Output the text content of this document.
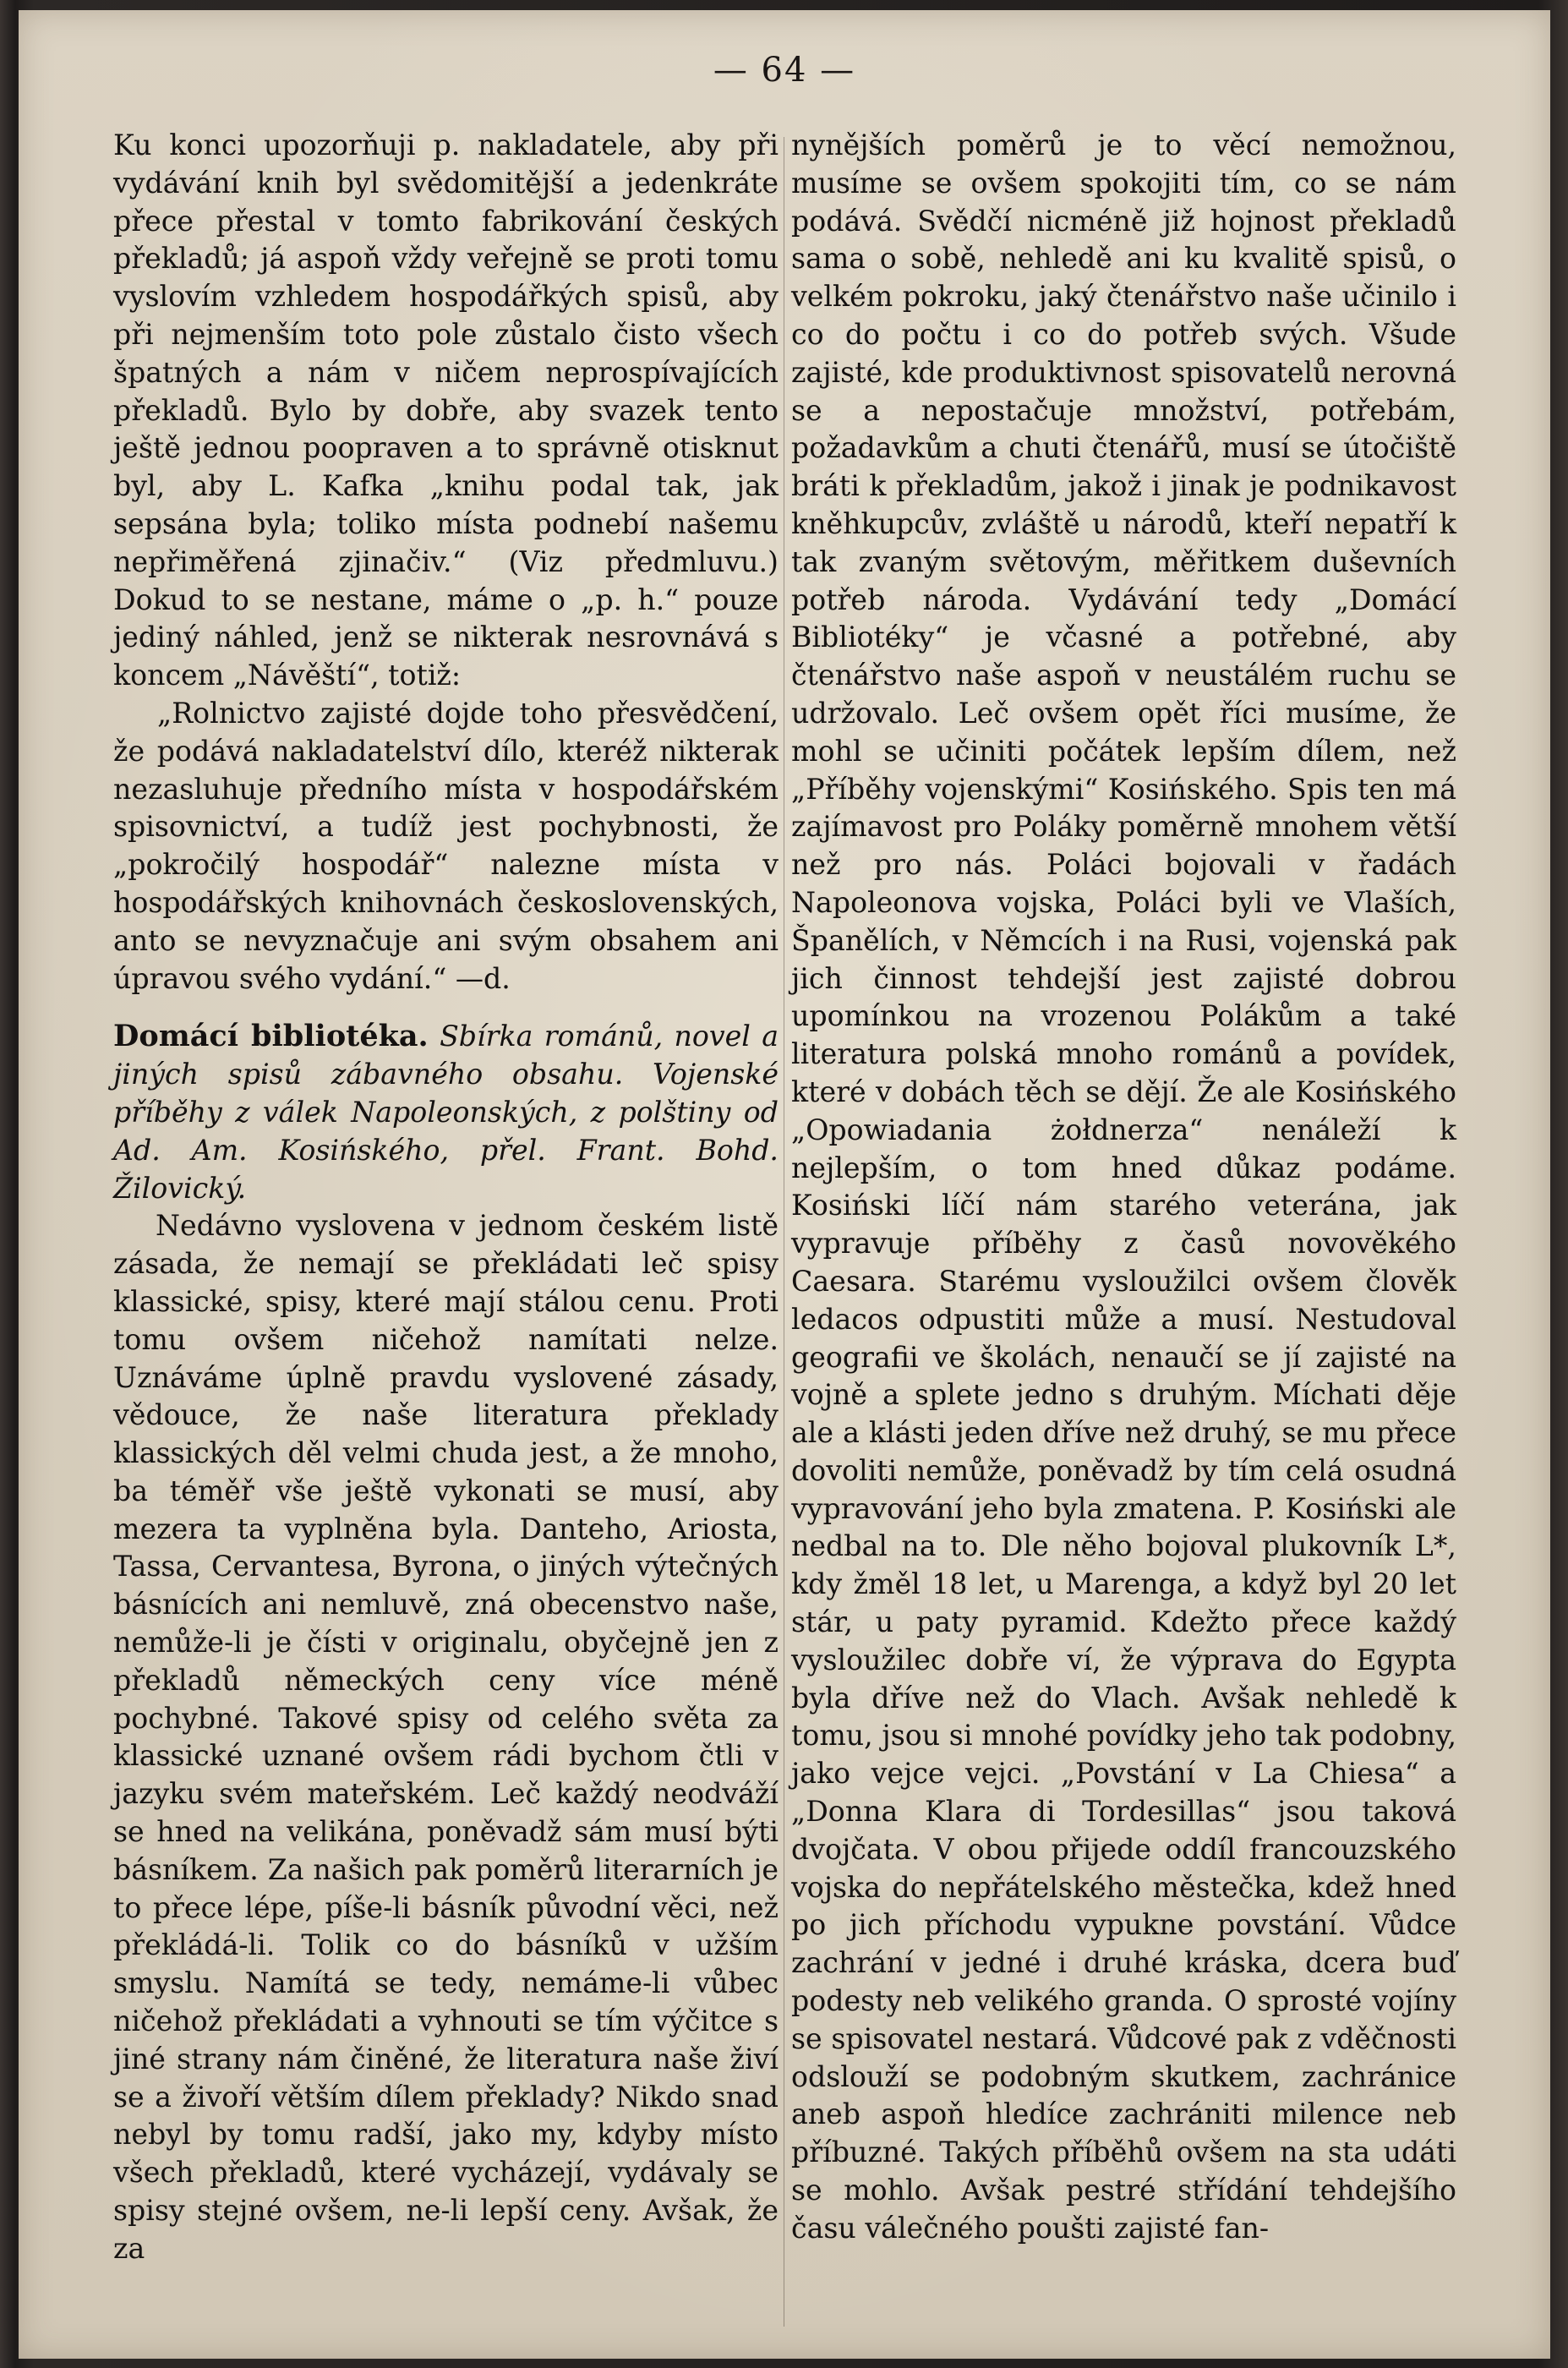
— 64 —

Ku konci upozorňuji p. nakladatele, aby při vydávání knih byl svědomitější a jedenkráte přece přestal v tomto fabrikování českých překladů; já aspoň vždy veřejně se proti tomu vyslovím vzhledem hospodářkých spisů, aby při nejmenším toto pole zůstalo čisto všech špatných a nám v ničem neprospívajících překladů. Bylo by dobře, aby svazek tento ještě jednou poopraven a to správně otisknut byl, aby L. Kafka „knihu podal tak, jak sepsána byla; toliko místa podnebí našemu nepřiměřená zjinačiv.“ (Viz předmluvu.) Dokud to se nestane, máme o „p. h.“ pouze jediný náhled, jenž se nikterak nesrovnává s koncem „Návěští“, totiž:

„Rolnictvo zajisté dojde toho přesvědčení, že podává nakladatelství dílo, kteréž nikterak nezasluhuje předního místa v hospodářském spisovnictví, a tudíž jest pochybnosti, že „pokročilý hospodář“ nalezne místa v hospodářských knihovnách československých, anto se nevyznačuje ani svým obsahem ani úpravou svého vydání.“ —d.

Domácí bibliotéka. Sbírka románů, novel a jiných spisů zábavného obsahu. Vojenské příběhy z válek Napoleonských, z polštiny od Ad. Am. Kosińského, přel. Frant. Bohd. Žilovický.

Nedávno vyslovena v jednom českém listě zásada, že nemají se překládati leč spisy klassické, spisy, které mají stálou cenu. Proti tomu ovšem ničehož namítati nelze. Uznáváme úplně pravdu vyslovené zásady, vědouce, že naše literatura překlady klassických děl velmi chuda jest, a že mnoho, ba téměř vše ještě vykonati se musí, aby mezera ta vyplněna byla. Danteho, Ariosta, Tassa, Cervantesa, Byrona, o jiných výtečných básnících ani nemluvě, zná obecenstvo naše, nemůže-li je čísti v originalu, obyčejně jen z překladů německých ceny více méně pochybné. Takové spisy od celého světa za klassické uznané ovšem rádi bychom čtli v jazyku svém mateřském. Leč každý neodváží se hned na velikána, poněvadž sám musí býti básníkem. Za našich pak poměrů literarních je to přece lépe, píše-li básník původní věci, než překládá-li. Tolik co do básníků v užším smyslu. Namítá se tedy, nemáme-li vůbec ničehož překládati a vyhnouti se tím výčitce s jiné strany nám činěné, že literatura naše živí se a živoří větším dílem překlady? Nikdo snad nebyl by tomu radší, jako my, kdyby místo všech překladů, které vycházejí, vydávaly se spisy stejné ovšem, ne-li lepší ceny. Avšak, že za

nynějších poměrů je to věcí nemožnou, musíme se ovšem spokojiti tím, co se nám podává. Svědčí nicméně již hojnost překladů sama o sobě, nehledě ani ku kvalitě spisů, o velkém pokroku, jaký čtenářstvo naše učinilo i co do počtu i co do potřeb svých. Všude zajisté, kde produktivnost spisovatelů nerovná se a nepostačuje množství, potřebám, požadavkům a chuti čtenářů, musí se útočiště bráti k překladům, jakož i jinak je podnikavost kněhkupcův, zvláště u národů, kteří nepatří k tak zvaným světovým, měřitkem duševních potřeb národa. Vydávání tedy „Domácí Bibliotéky“ je včasné a potřebné, aby čtenářstvo naše aspoň v neustálém ruchu se udržovalo. Leč ovšem opět říci musíme, že mohl se učiniti počátek lepším dílem, než „Příběhy vojenskými“ Kosińského. Spis ten má zajímavost pro Poláky poměrně mnohem větší než pro nás. Poláci bojovali v řadách Napoleonova vojska, Poláci byli ve Vlaších, Španělích, v Němcích i na Rusi, vojenská pak jich činnost tehdejší jest zajisté dobrou upomínkou na vrozenou Polákům a také literatura polská mnoho románů a povídek, které v dobách těch se dějí. Že ale Kosińského „Opowiadania żołdnerza“ nenáleží k nejlepším, o tom hned důkaz podáme. Kosiński líčí nám starého veterána, jak vypravuje příběhy z časů novověkého Caesara. Starému vysloužilci ovšem člověk ledacos odpustiti může a musí. Nestudoval geografii ve školách, nenaučí se jí zajisté na vojně a splete jedno s druhým. Míchati děje ale a klásti jeden dříve než druhý, se mu přece dovoliti nemůže, poněvadž by tím celá osudná vypravování jeho byla zmatena. P. Kosiński ale nedbal na to. Dle něho bojoval plukovník L*, kdy žměl 18 let, u Marenga, a když byl 20 let stár, u paty pyramid. Kdežto přece každý vysloužilec dobře ví, že výprava do Egypta byla dříve než do Vlach. Avšak nehledě k tomu, jsou si mnohé povídky jeho tak podobny, jako vejce vejci. „Povstání v La Chiesa“ a „Donna Klara di Tordesillas“ jsou taková dvojčata. V obou přijede oddíl francouzského vojska do nepřátelského městečka, kdež hned po jich příchodu vypukne povstání. Vůdce zachrání v jedné i druhé kráska, dcera buď podesty neb velikého granda. O sprosté vojíny se spisovatel nestará. Vůdcové pak z vděčnosti odslouží se podobným skutkem, zachránice aneb aspoň hledíce zachrániti milence neb příbuzné. Takých příběhů ovšem na sta udáti se mohlo. Avšak pestré střídání tehdejšího času válečného poušti zajisté fan-
